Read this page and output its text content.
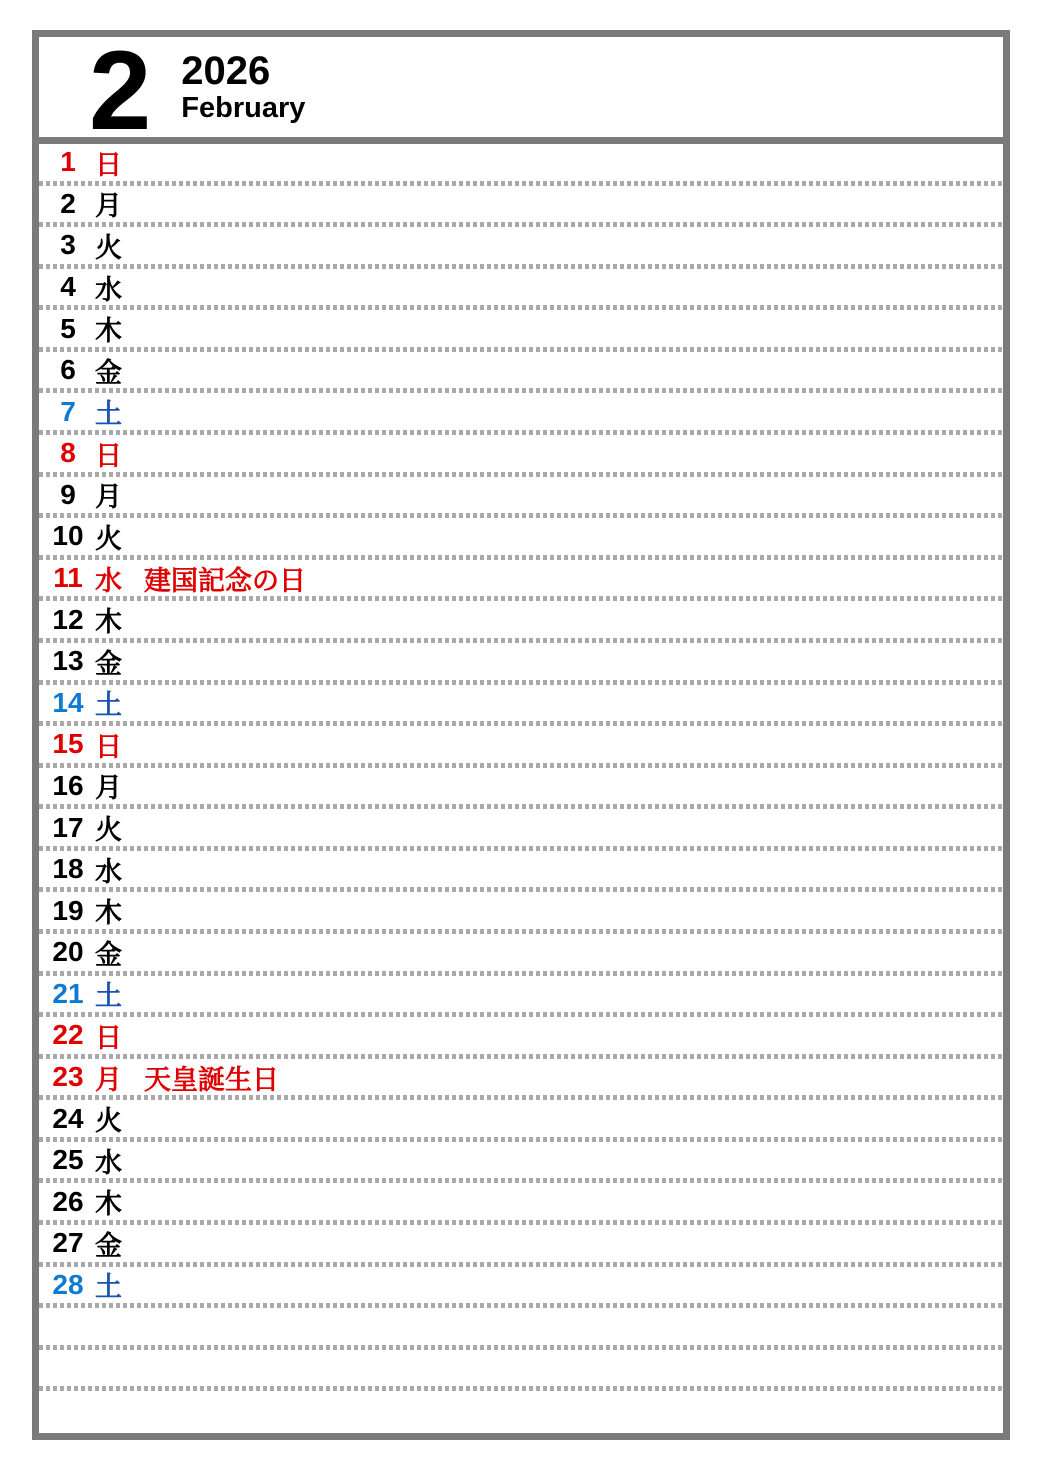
2 2026
February
1 日
2 月
3 火
4 水
5 木
6 金
7 土
8 日
9 月
10 火
11 水 建国記念の日
12 木
13 金
14 土
15 日
16 月
17 火
18 水
19 木
20 金
21 土
22 日
23 月 天皇誕生日
24 火
25 水
26 木
27 金
28 土
